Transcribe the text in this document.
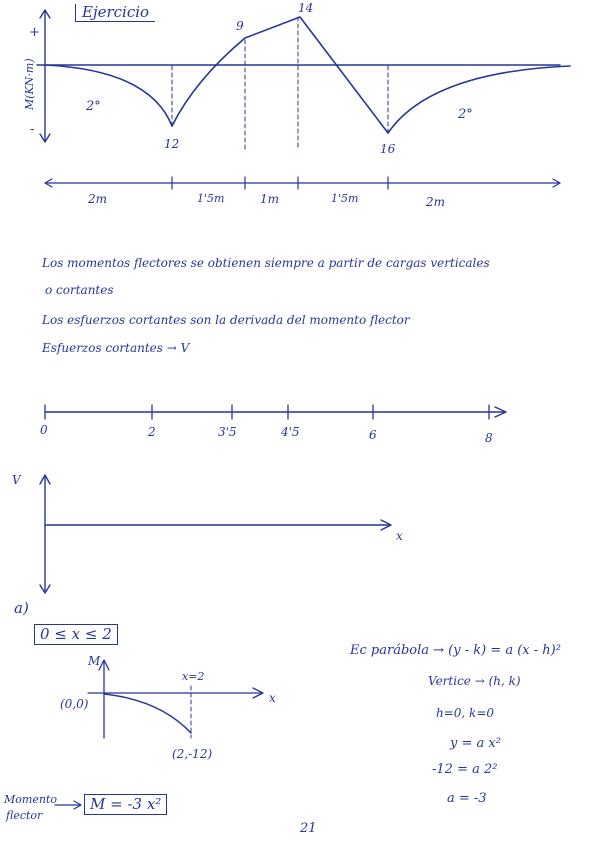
Ejercicio
+
-
M(KN·m)
12
9
14
16
2°
2°
2m	1'5m	1m	1'5m	2m
Los momentos flectores se obtienen siempre a partir de cargas verticales
o cortantes
Los esfuerzos cortantes son la derivada del momento flector
Esfuerzos cortantes → V
0	2	3'5	4'5	6	8
V
x
a)
0 ≤ x ≤ 2
M
x
x=2
(0,0)
(2,-12)
Ec parábola → (y - k) = a (x - h)²
Vertice → (h, k)
h=0, k=0
y = a x²
-12 = a 2²
a = -3
Momento
flector
M = -3 x²
21
